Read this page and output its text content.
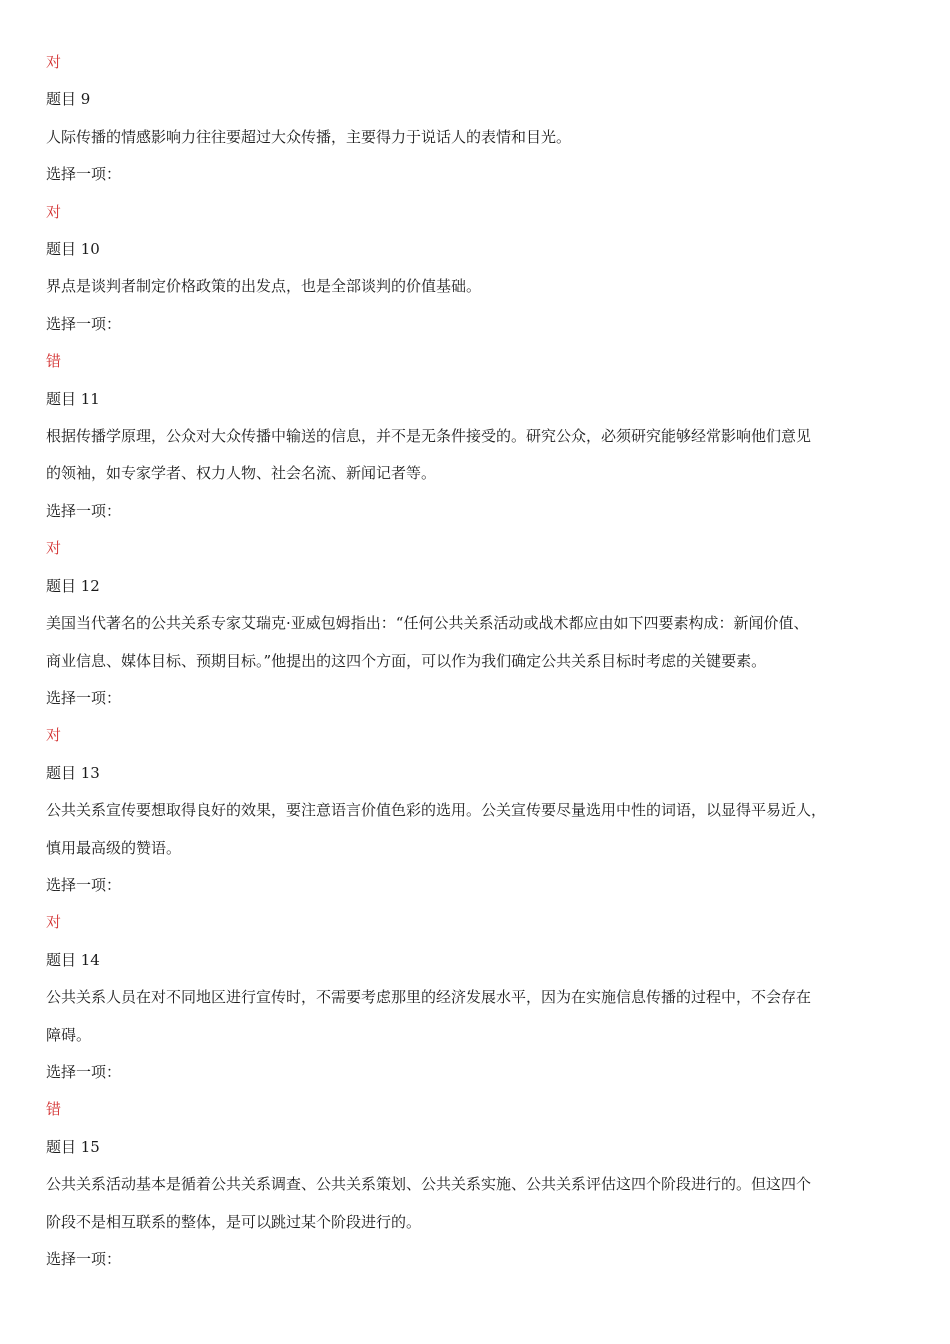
对

题目 9

人际传播的情感影响力往往要超过大众传播，主要得力于说话人的表情和目光。

选择一项：

对

题目 10

界点是谈判者制定价格政策的出发点，也是全部谈判的价值基础。

选择一项：

错

题目 11

根据传播学原理，公众对大众传播中输送的信息，并不是无条件接受的。研究公众，必须研究能够经常影响他们意见

的领袖，如专家学者、权力人物、社会名流、新闻记者等。

选择一项：

对

题目 12

美国当代著名的公共关系专家艾瑞克·亚威包姆指出：“任何公共关系活动或战术都应由如下四要素构成：新闻价值、

商业信息、媒体目标、预期目标。”他提出的这四个方面，可以作为我们确定公共关系目标时考虑的关键要素。

选择一项：

对

题目 13

公共关系宣传要想取得良好的效果，要注意语言价值色彩的选用。公关宣传要尽量选用中性的词语，以显得平易近人，

慎用最高级的赞语。

选择一项：

对

题目 14

公共关系人员在对不同地区进行宣传时，不需要考虑那里的经济发展水平，因为在实施信息传播的过程中，不会存在

障碍。

选择一项：

错

题目 15

公共关系活动基本是循着公共关系调查、公共关系策划、公共关系实施、公共关系评估这四个阶段进行的。但这四个

阶段不是相互联系的整体，是可以跳过某个阶段进行的。

选择一项：
